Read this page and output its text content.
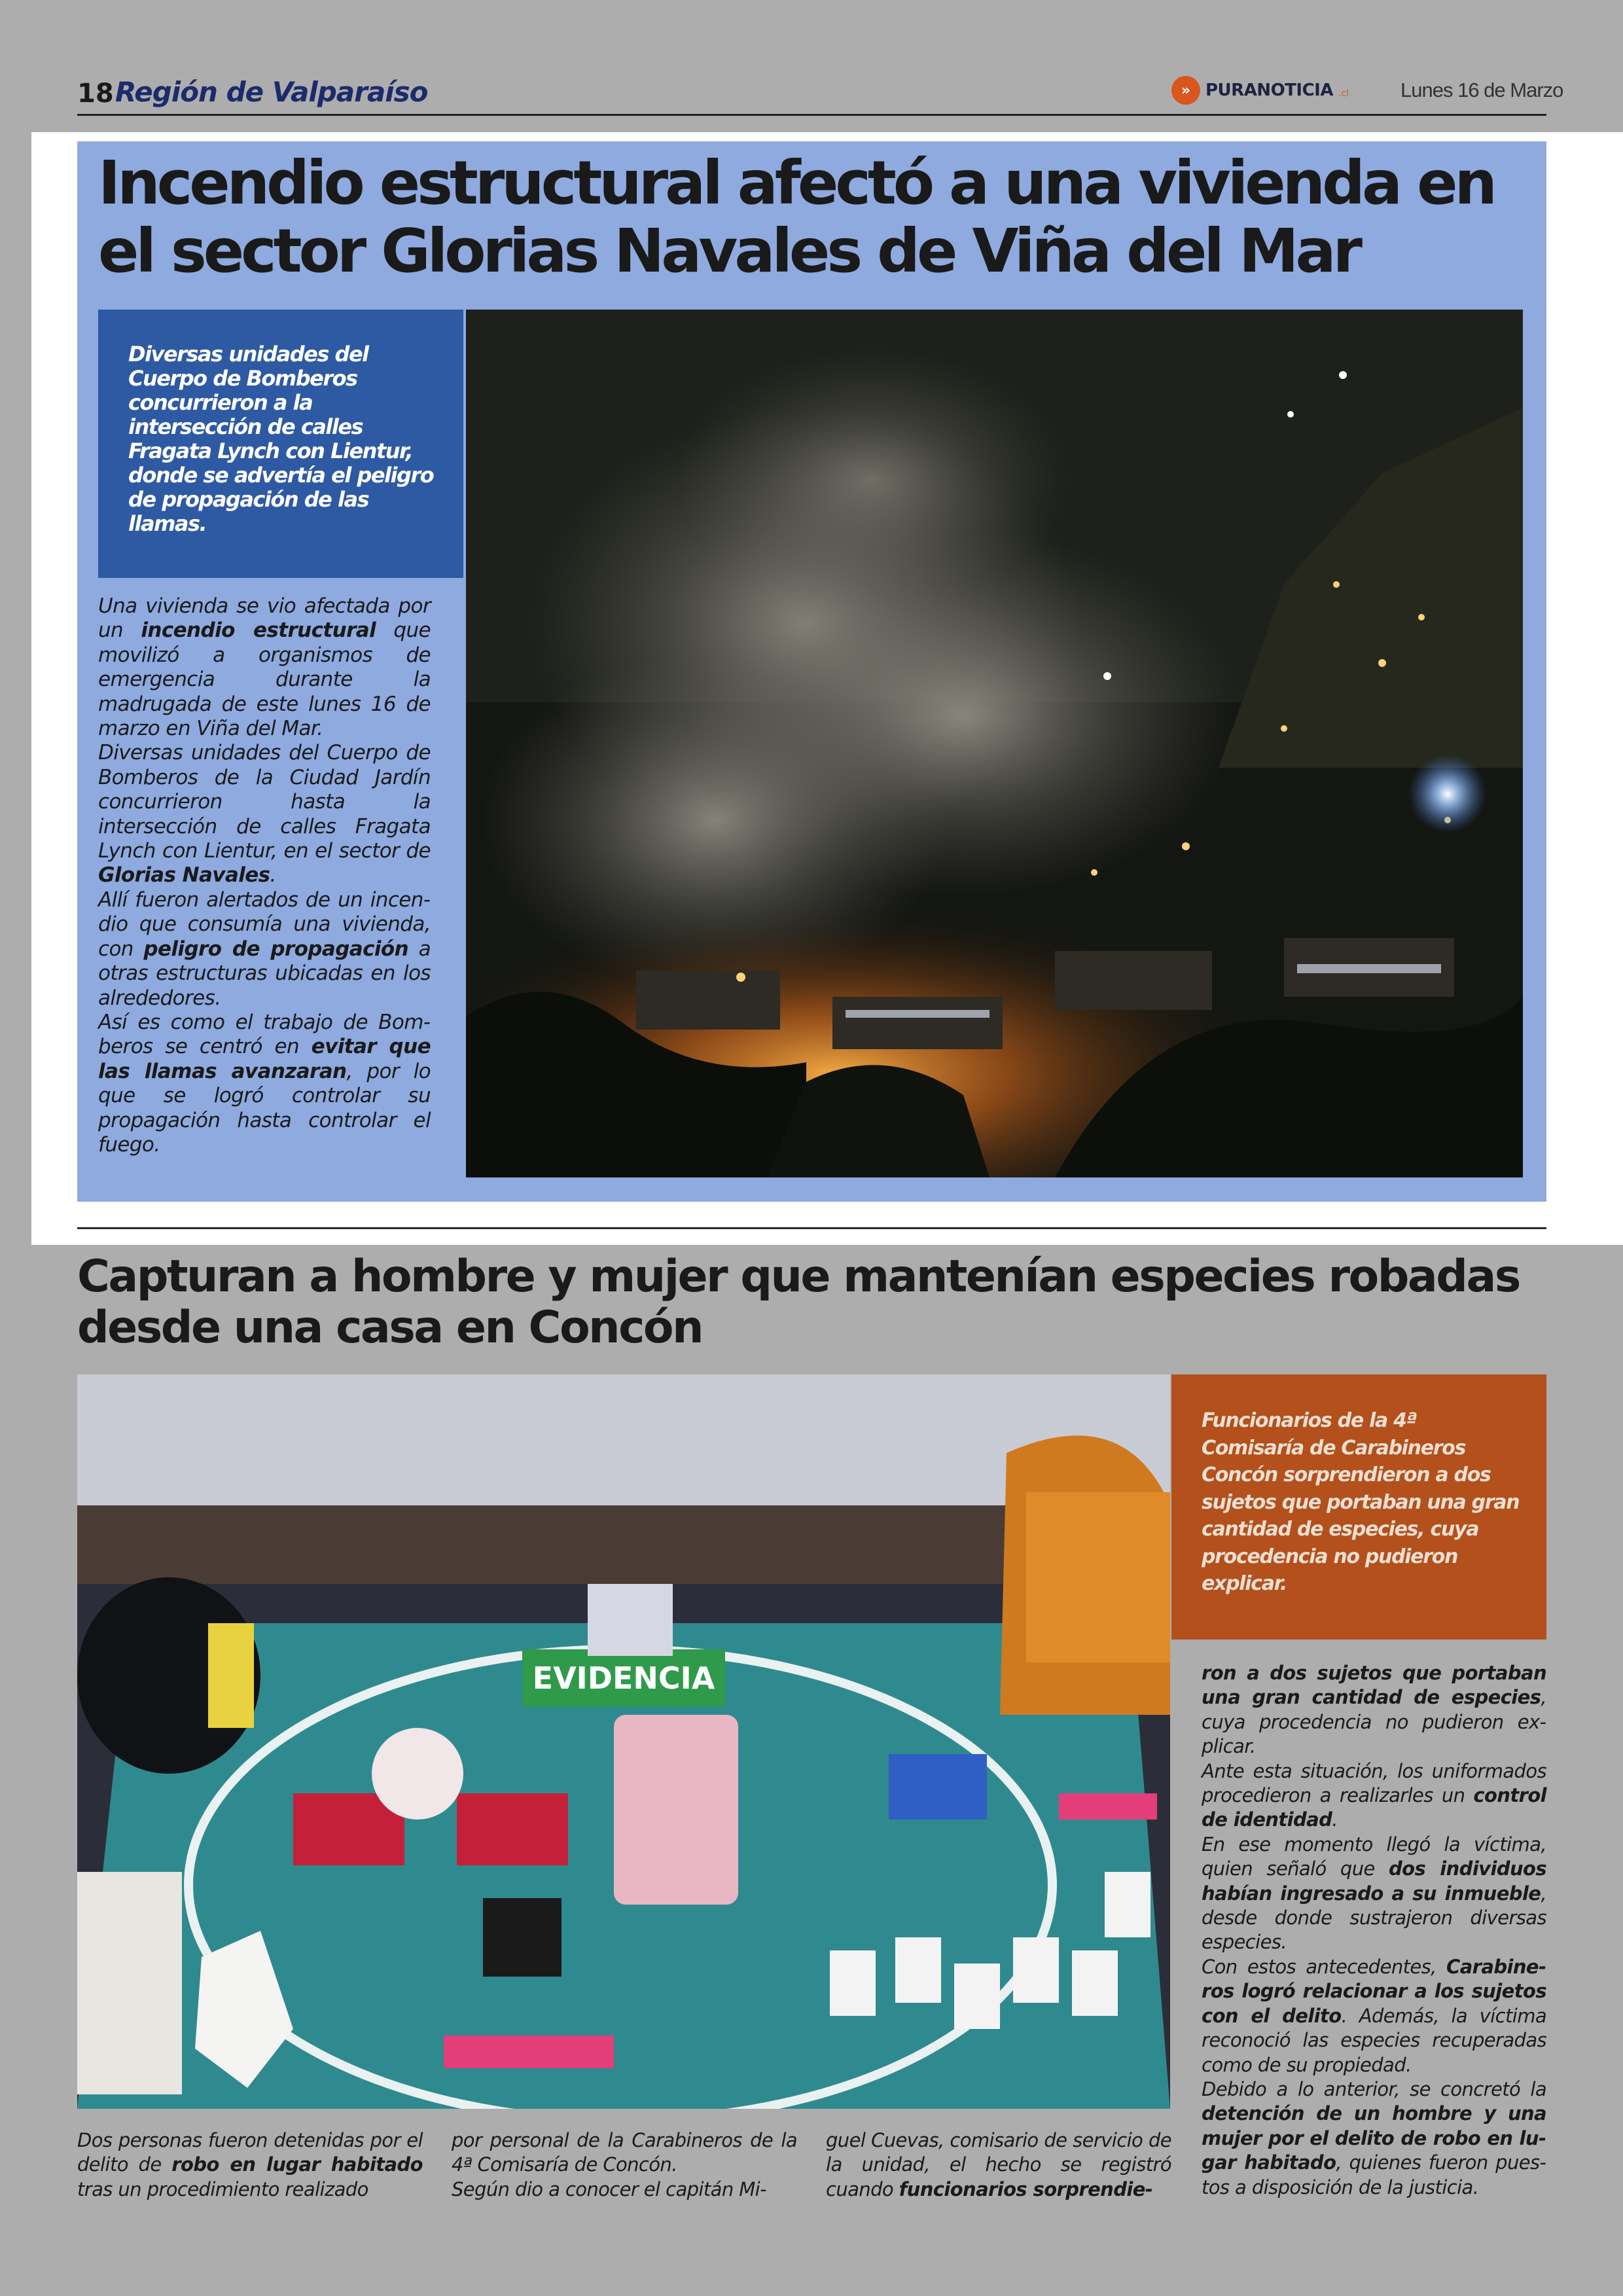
18 Región de Valparaíso	» PURANOTICIA .cl	Lunes 16 de Marzo
Incendio estructural afectó a una vivienda en el sector Glorias Navales de Viña del Mar
Diversas unidades del Cuerpo de Bomberos concurrieron a la intersección de calles Fragata Lynch con Lientur, donde se advertía el peligro de propagación de las llamas.

Una vivienda se vio afectada por un incendio estructural que movilizó a organismos de emergencia durante la madrugada de este lunes 16 de marzo en Viña del Mar.

Diversas unidades del Cuerpo de Bomberos de la Ciudad Jardín concurrieron hasta la intersección de calles Fragata Lynch con Lientur, en el sector de Glorias Navales.

Allí fueron alertados de un incendio que consumía una vivienda, con peligro de propagación a otras estructuras ubicadas en los alrededores.

Así es como el trabajo de Bomberos se centró en evitar que las llamas avanzaran, por lo que se logró controlar su propagación hasta controlar el fuego.

Capturan a hombre y mujer que mantenían especies robadas desde una casa en Concón
EVIDENCIA
Funcionarios de la 4ª Comisaría de Carabineros Concón sorprendieron a dos sujetos que portaban una gran cantidad de especies, cuya procedencia no pudieron explicar.

Dos personas fueron detenidas por el delito de robo en lugar habitado tras un procedimiento realizado

por personal de la Carabineros de la 4ª Comisaría de Concón.

Según dio a conocer el capitán Mi-

guel Cuevas, comisario de servicio de la unidad, el hecho se registró cuando funcionarios sorprendie-

ron a dos sujetos que portaban una gran cantidad de especies, cuya procedencia no pudieron explicar.

Ante esta situación, los uniformados procedieron a realizarles un control de identidad.

En ese momento llegó la víctima, quien señaló que dos individuos habían ingresado a su inmueble, desde donde sustrajeron diversas especies.

Con estos antecedentes, Carabineros logró relacionar a los sujetos con el delito. Además, la víctima reconoció las especies recuperadas como de su propiedad.

Debido a lo anterior, se concretó la detención de un hombre y una mujer por el delito de robo en lugar habitado, quienes fueron puestos a disposición de la justicia.
